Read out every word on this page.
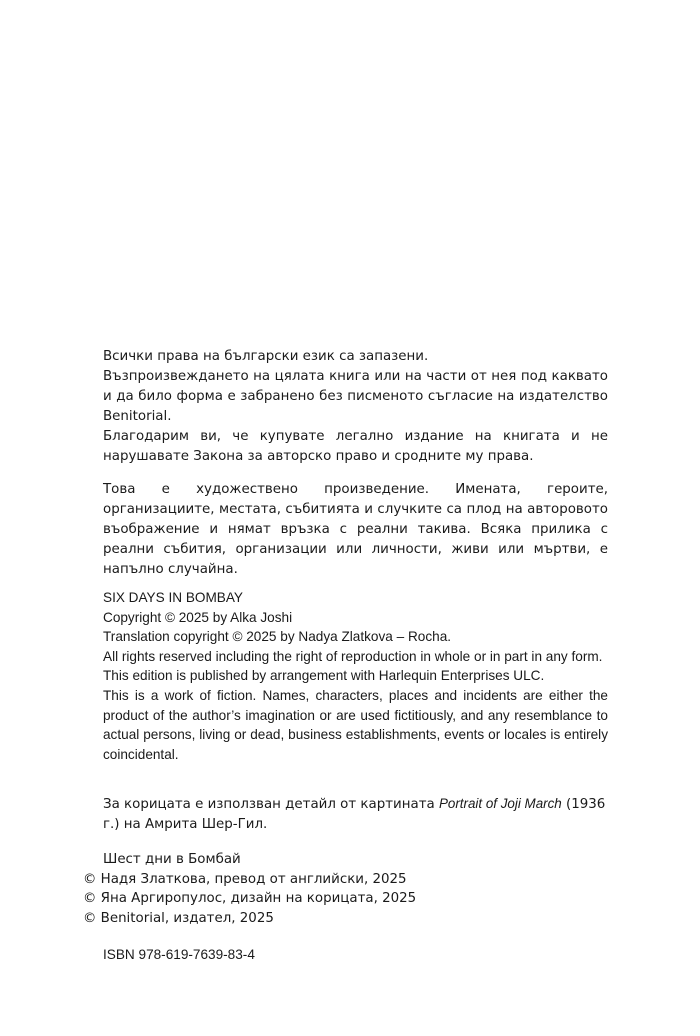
Всички права на български език са запазени.

Възпроизвеждането на цялата книга или на части от нея под каквато и да било форма е забранено без писменото съгласие на издателство Benitorial.

Благодарим ви, че купувате легално издание на книгата и не нарушавате Закона за авторско право и сродните му права.

Това е художествено произведение. Имената, героите, организациите, местата, събитията и случките са плод на авторовото въображение и нямат връзка с реални такива. Всяка прилика с реални събития, организации или личности, живи или мъртви, е напълно случайна.

SIX DAYS IN BOMBAY

Copyright © 2025 by Alka Joshi

Translation copyright © 2025 by Nadya Zlatkova – Rocha.

All rights reserved including the right of reproduction in whole or in part in any form.

This edition is published by arrangement with Harlequin Enterprises ULC.

This is a work of fiction. Names, characters, places and incidents are either the product of the author’s imagination or are used fictitiously, and any resemblance to actual persons, living or dead, business establishments, events or locales is entirely coincidental.

За корицата е използван детайл от картината Portrait of Joji March (1936 г.) на Амрита Шер-Гил.

Шест дни в Бомбай

© Надя Златкова, превод от английски, 2025

© Яна Аргиропулос, дизайн на корицата, 2025

© Benitorial, издател, 2025

ISBN 978-619-7639-83-4
